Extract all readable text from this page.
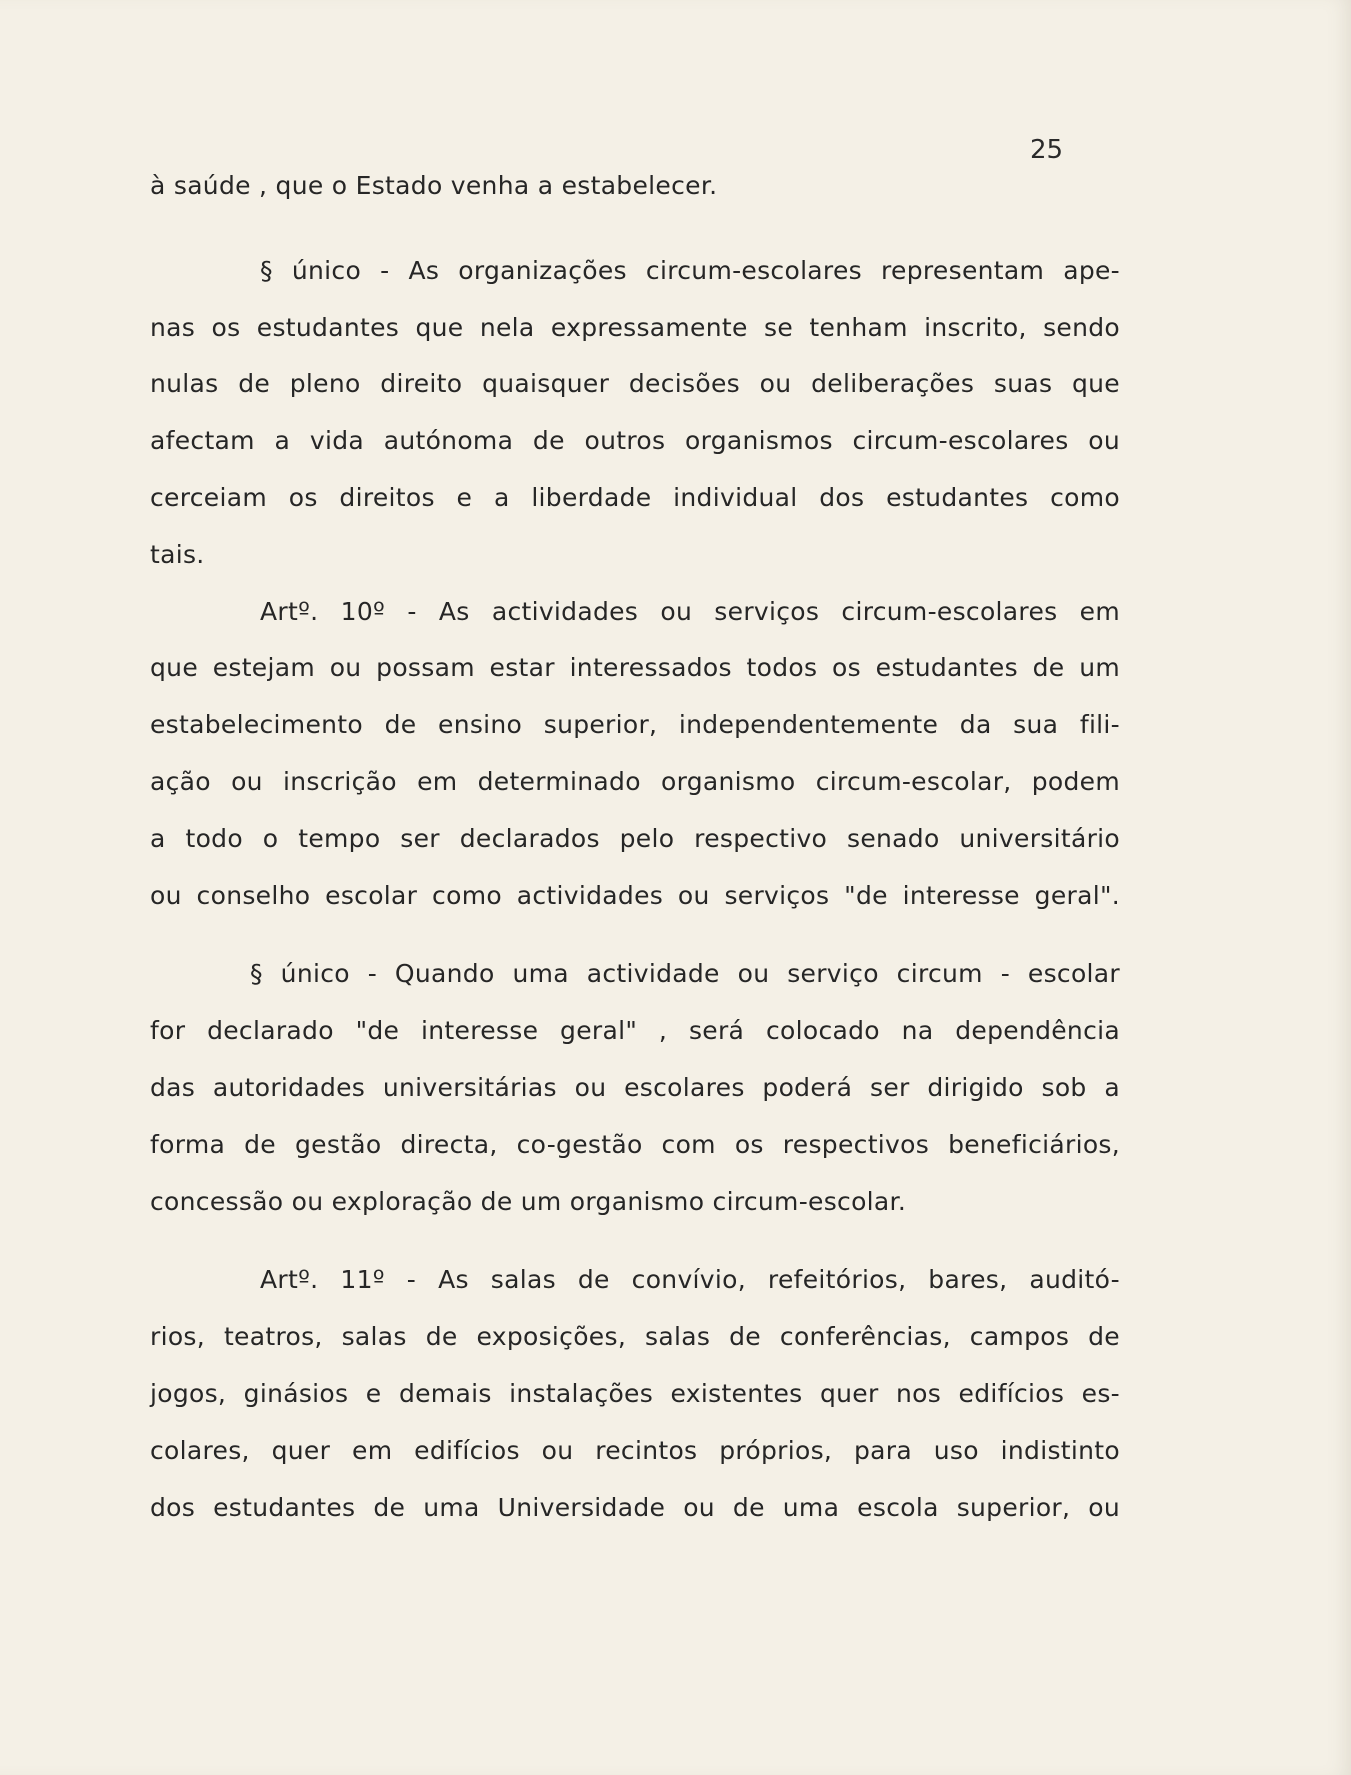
25
à saúde , que o Estado venha a estabelecer.
§ único - As organizações circum-escolares representam ape-
nas os estudantes que nela expressamente se tenham inscrito, sendo
nulas de pleno direito quaisquer decisões ou deliberações suas que
afectam a vida autónoma de outros organismos circum-escolares ou
cerceiam os direitos e a liberdade individual dos estudantes como
tais.
Artº. 10º - As actividades ou serviços circum-escolares em
que estejam ou possam estar interessados todos os estudantes de um
estabelecimento de ensino superior, independentemente da sua fili-
ação ou inscrição em determinado organismo circum-escolar, podem
a todo o tempo ser declarados pelo respectivo senado universitário
ou conselho escolar como actividades ou serviços "de interesse geral".
§ único - Quando uma actividade ou serviço circum - escolar
for declarado "de interesse geral" , será colocado na dependência
das autoridades universitárias ou escolares poderá ser dirigido sob a
forma de gestão directa, co-gestão com os respectivos beneficiários,
concessão ou exploração de um organismo circum-escolar.
Artº. 11º - As salas de convívio, refeitórios, bares, auditó-
rios, teatros, salas de exposições, salas de conferências, campos de
jogos, ginásios e demais instalações existentes quer nos edifícios es-
colares, quer em edifícios ou recintos próprios, para uso indistinto
dos estudantes de uma Universidade ou de uma escola superior, ou
